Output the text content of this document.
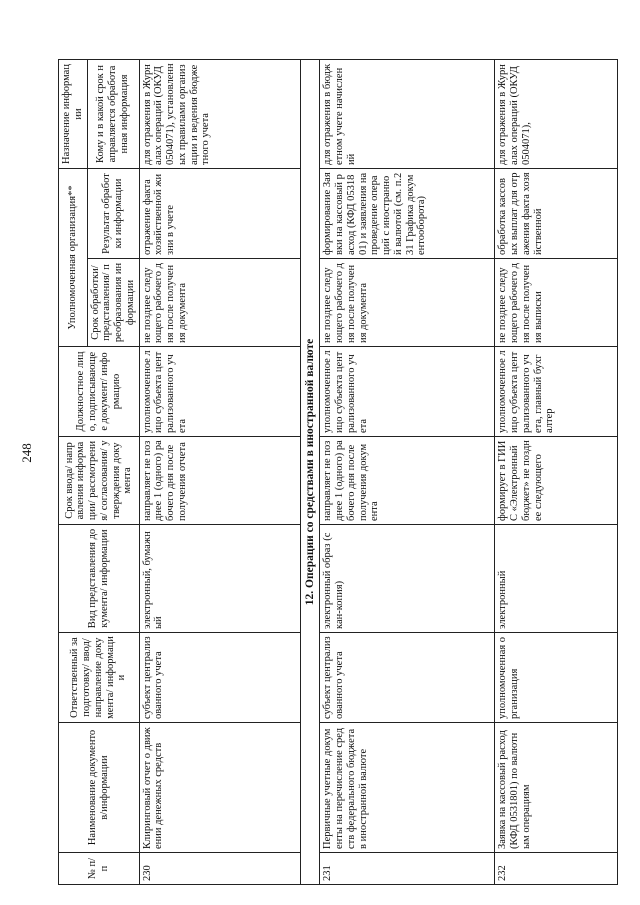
248
№ п/п	Наименование документов/информации	Ответственный за подготовку/ ввод/ направление документа/ информации	Вид представления документа/ информации	Срок ввода/ направления информации/ рассмотрения/ согласования/ утверждения документа	Должностное лицо, подписывающее документ/ информацию	Уполномоченная организация**		Назначение информации
						Срок обработки/ представления/ преобразования информации	Результат обработки информации	Кому и в какой срок направляется обработанная информация
230	Клиринговый отчет о движении денежных средств	субъект централизованного учета	электронный, бумажный	направляет не позднее 1 (одного) рабочего дня после получения отчета	уполномоченное лицо субъекта централизованного учета	не позднее следующего рабочего дня после получения документа	отражение факта хозяйственной жизни в учете	для отражения в Журналах операций (ОКУД 0504071), установленных правилами организации и ведения бюджетного учета
12. Операции со средствами в иностранной валюте								
231	Первичные учетные документы на перечисление средств федерального бюджета в иностранной валюте	субъект централизованного учета	электронный образ (скан-копия)	направляет не позднее 1 (одного) рабочего дня после получения документа	уполномоченное лицо субъекта централизованного учета	не позднее следующего рабочего дня после получения документа	формирование Заявки на кассовый расход (КФД 0531801) и заявления на проведение операций с иностранной валютой (см. п.231 Графика документооборота)	для отражения в бюджетном учете начислений
232	Заявка на кассовый расход (КФД 0531801) по валютным операциям	уполномоченная организация	электронный	формирует в ГИИС «Электронный бюджет» не позднее следующего	уполномоченное лицо субъекта централизованного учета, главный бухгалтер	не позднее следующего рабочего дня после получения выписки	обработка кассовых выплат для отражения факта хозяйственной	для отражения в Журналах операций (ОКУД 0504071),
